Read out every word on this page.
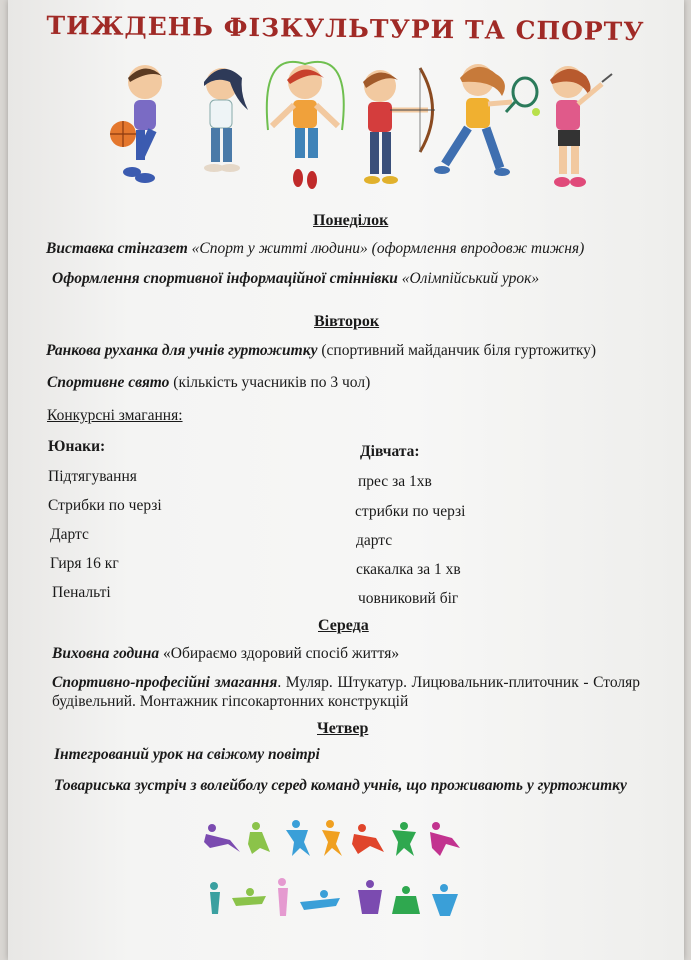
ТИЖДЕНЬ ФІЗКУЛЬТУРИ ТА СПОРТУ
Понеділок
Виставка стінгазет «Спорт у житті людини» (оформлення впродовж тижня)
Оформлення спортивної інформаційної стіннівки «Олімпійський урок»
Вівторок
Ранкова руханка для учнів гуртожитку (спортивний майданчик біля гуртожитку)
Спортивне свято (кількість учасників по 3 чол)
Конкурсні змагання:
Юнаки:	Дівчата:
Підтягування
Стрибки по черзі
Дартс
Гиря 16 кг
Пенальті
прес за 1хв
стрибки по черзі
дартс
скакалка за 1 хв
човниковий біг
Середа
Виховна година «Обираємо здоровий спосіб життя»
Спортивно-професійні змагання. Муляр. Штукатур. Лицювальник-плиточник - Столяр будівельний. Монтажник гіпсокартонних конструкцій
Четвер
Інтегрований урок на свіжому повітрі
Товариська зустріч з волейболу серед команд учнів, що проживають у гуртожитку
